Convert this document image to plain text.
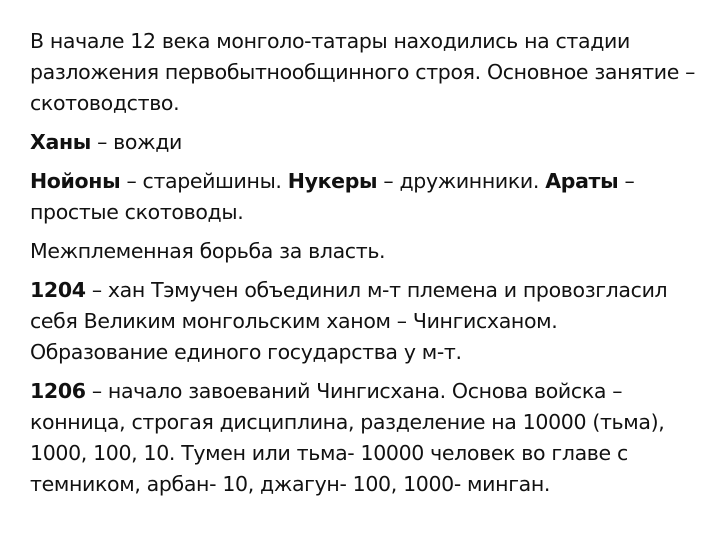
В начале 12 века монголо-татары находились на стадии разложения первобытнообщинного строя. Основное занятие – скотоводство.

Ханы – вожди

Нойоны – старейшины. Нукеры – дружинники. Араты – простые скотоводы.

Межплеменная борьба за власть.

1204 – хан Тэмучен объединил м-т племена и провозгласил себя Великим монгольским ханом – Чингисханом. Образование единого государства у м-т.

1206 – начало завоеваний Чингисхана. Основа войска – конница, строгая дисциплина, разделение на 10000 (тьма), 1000, 100, 10. Тумен или тьма- 10000 человек во главе с темником, арбан- 10, джагун- 100, 1000- минган.
